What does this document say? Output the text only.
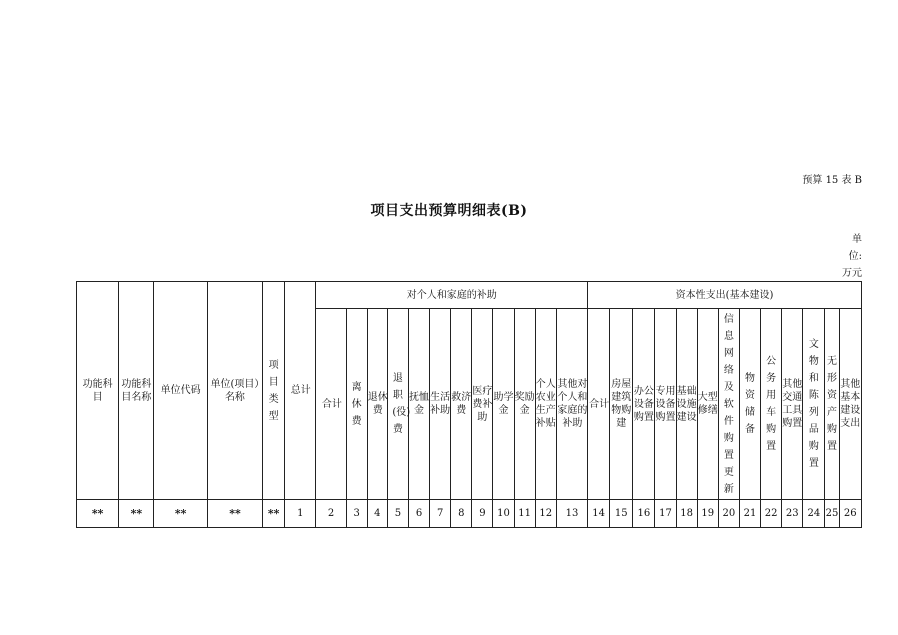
预算 15 表 B
项目支出预算明细表(B)
单
位:
万元
功能科目	功能科目名称	单位代码	单位(项目）名称	项目类型	总计	对个人和家庭的补助												资本性支出(基本建设)												
						合计	离休费	退休费	退职(役)费	抚恤金	生活补助	救济费	医疗费补助	助学金	奖励金	个人农业生产补贴	其他对个人和家庭的补助	合计	房屋建筑物购建	办公设备购置	专用设备购置	基础设施建设	大型修缮	信息网络及软件购置更新	物资储备	公务用车购置	其他交通工具购置	文物和陈列品购置	无形资产购置	其他基本建设支出
**	**	**	**	**	1	2	3	4	5	6	7	8	9	10	11	12	13	14	15	16	17	18	19	20	21	22	23	24	25	26
